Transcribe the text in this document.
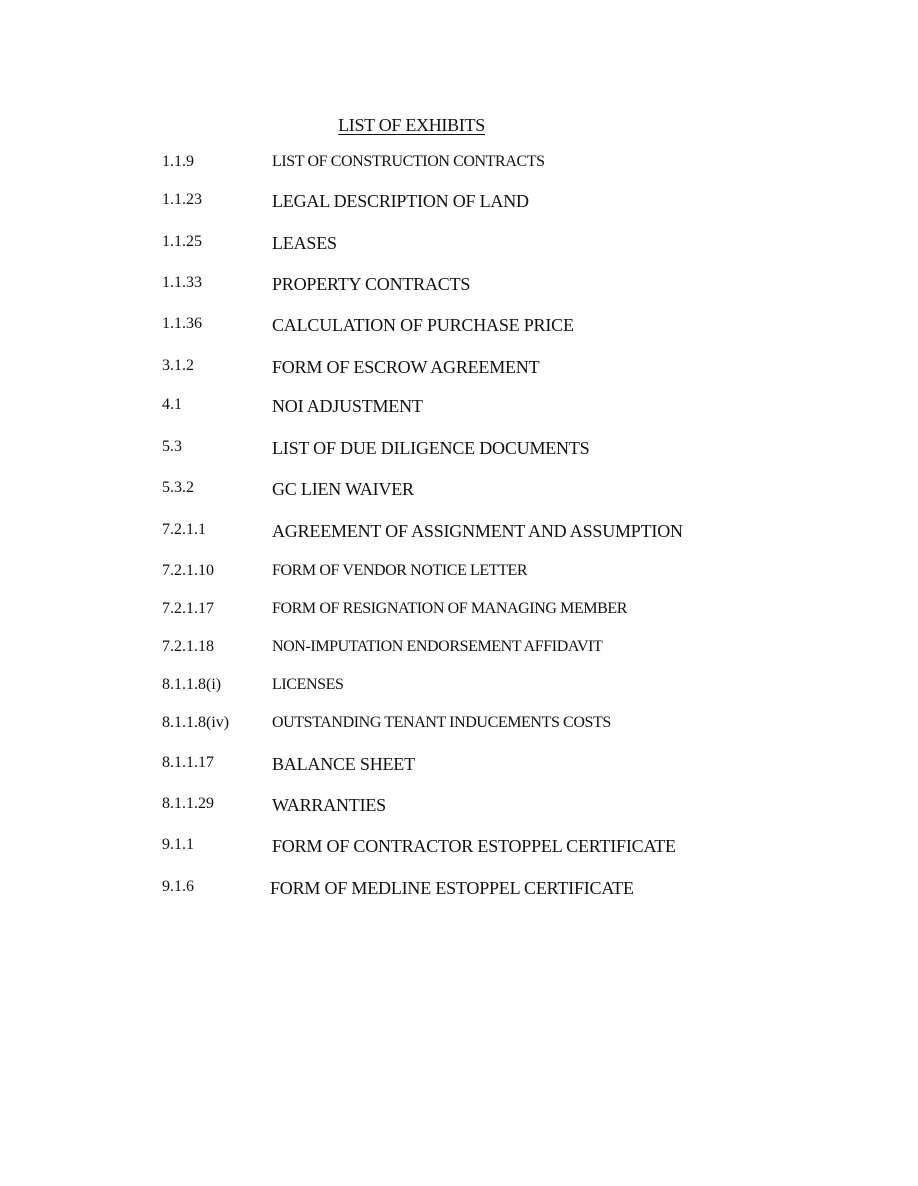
LIST OF EXHIBITS
1.1.9	LIST OF CONSTRUCTION CONTRACTS
1.1.23	LEGAL DESCRIPTION OF LAND
1.1.25	LEASES
1.1.33	PROPERTY CONTRACTS
1.1.36	CALCULATION OF PURCHASE PRICE
3.1.2	FORM OF ESCROW AGREEMENT
4.1	NOI ADJUSTMENT
5.3	LIST OF DUE DILIGENCE DOCUMENTS
5.3.2	GC LIEN WAIVER
7.2.1.1	AGREEMENT OF ASSIGNMENT AND ASSUMPTION
7.2.1.10	FORM OF VENDOR NOTICE LETTER
7.2.1.17	FORM OF RESIGNATION OF MANAGING MEMBER
7.2.1.18	NON-IMPUTATION ENDORSEMENT AFFIDAVIT
8.1.1.8(i)	LICENSES
8.1.1.8(iv)	OUTSTANDING TENANT INDUCEMENTS COSTS
8.1.1.17	BALANCE SHEET
8.1.1.29	WARRANTIES
9.1.1	FORM OF CONTRACTOR ESTOPPEL CERTIFICATE
9.1.6	FORM OF MEDLINE ESTOPPEL CERTIFICATE
